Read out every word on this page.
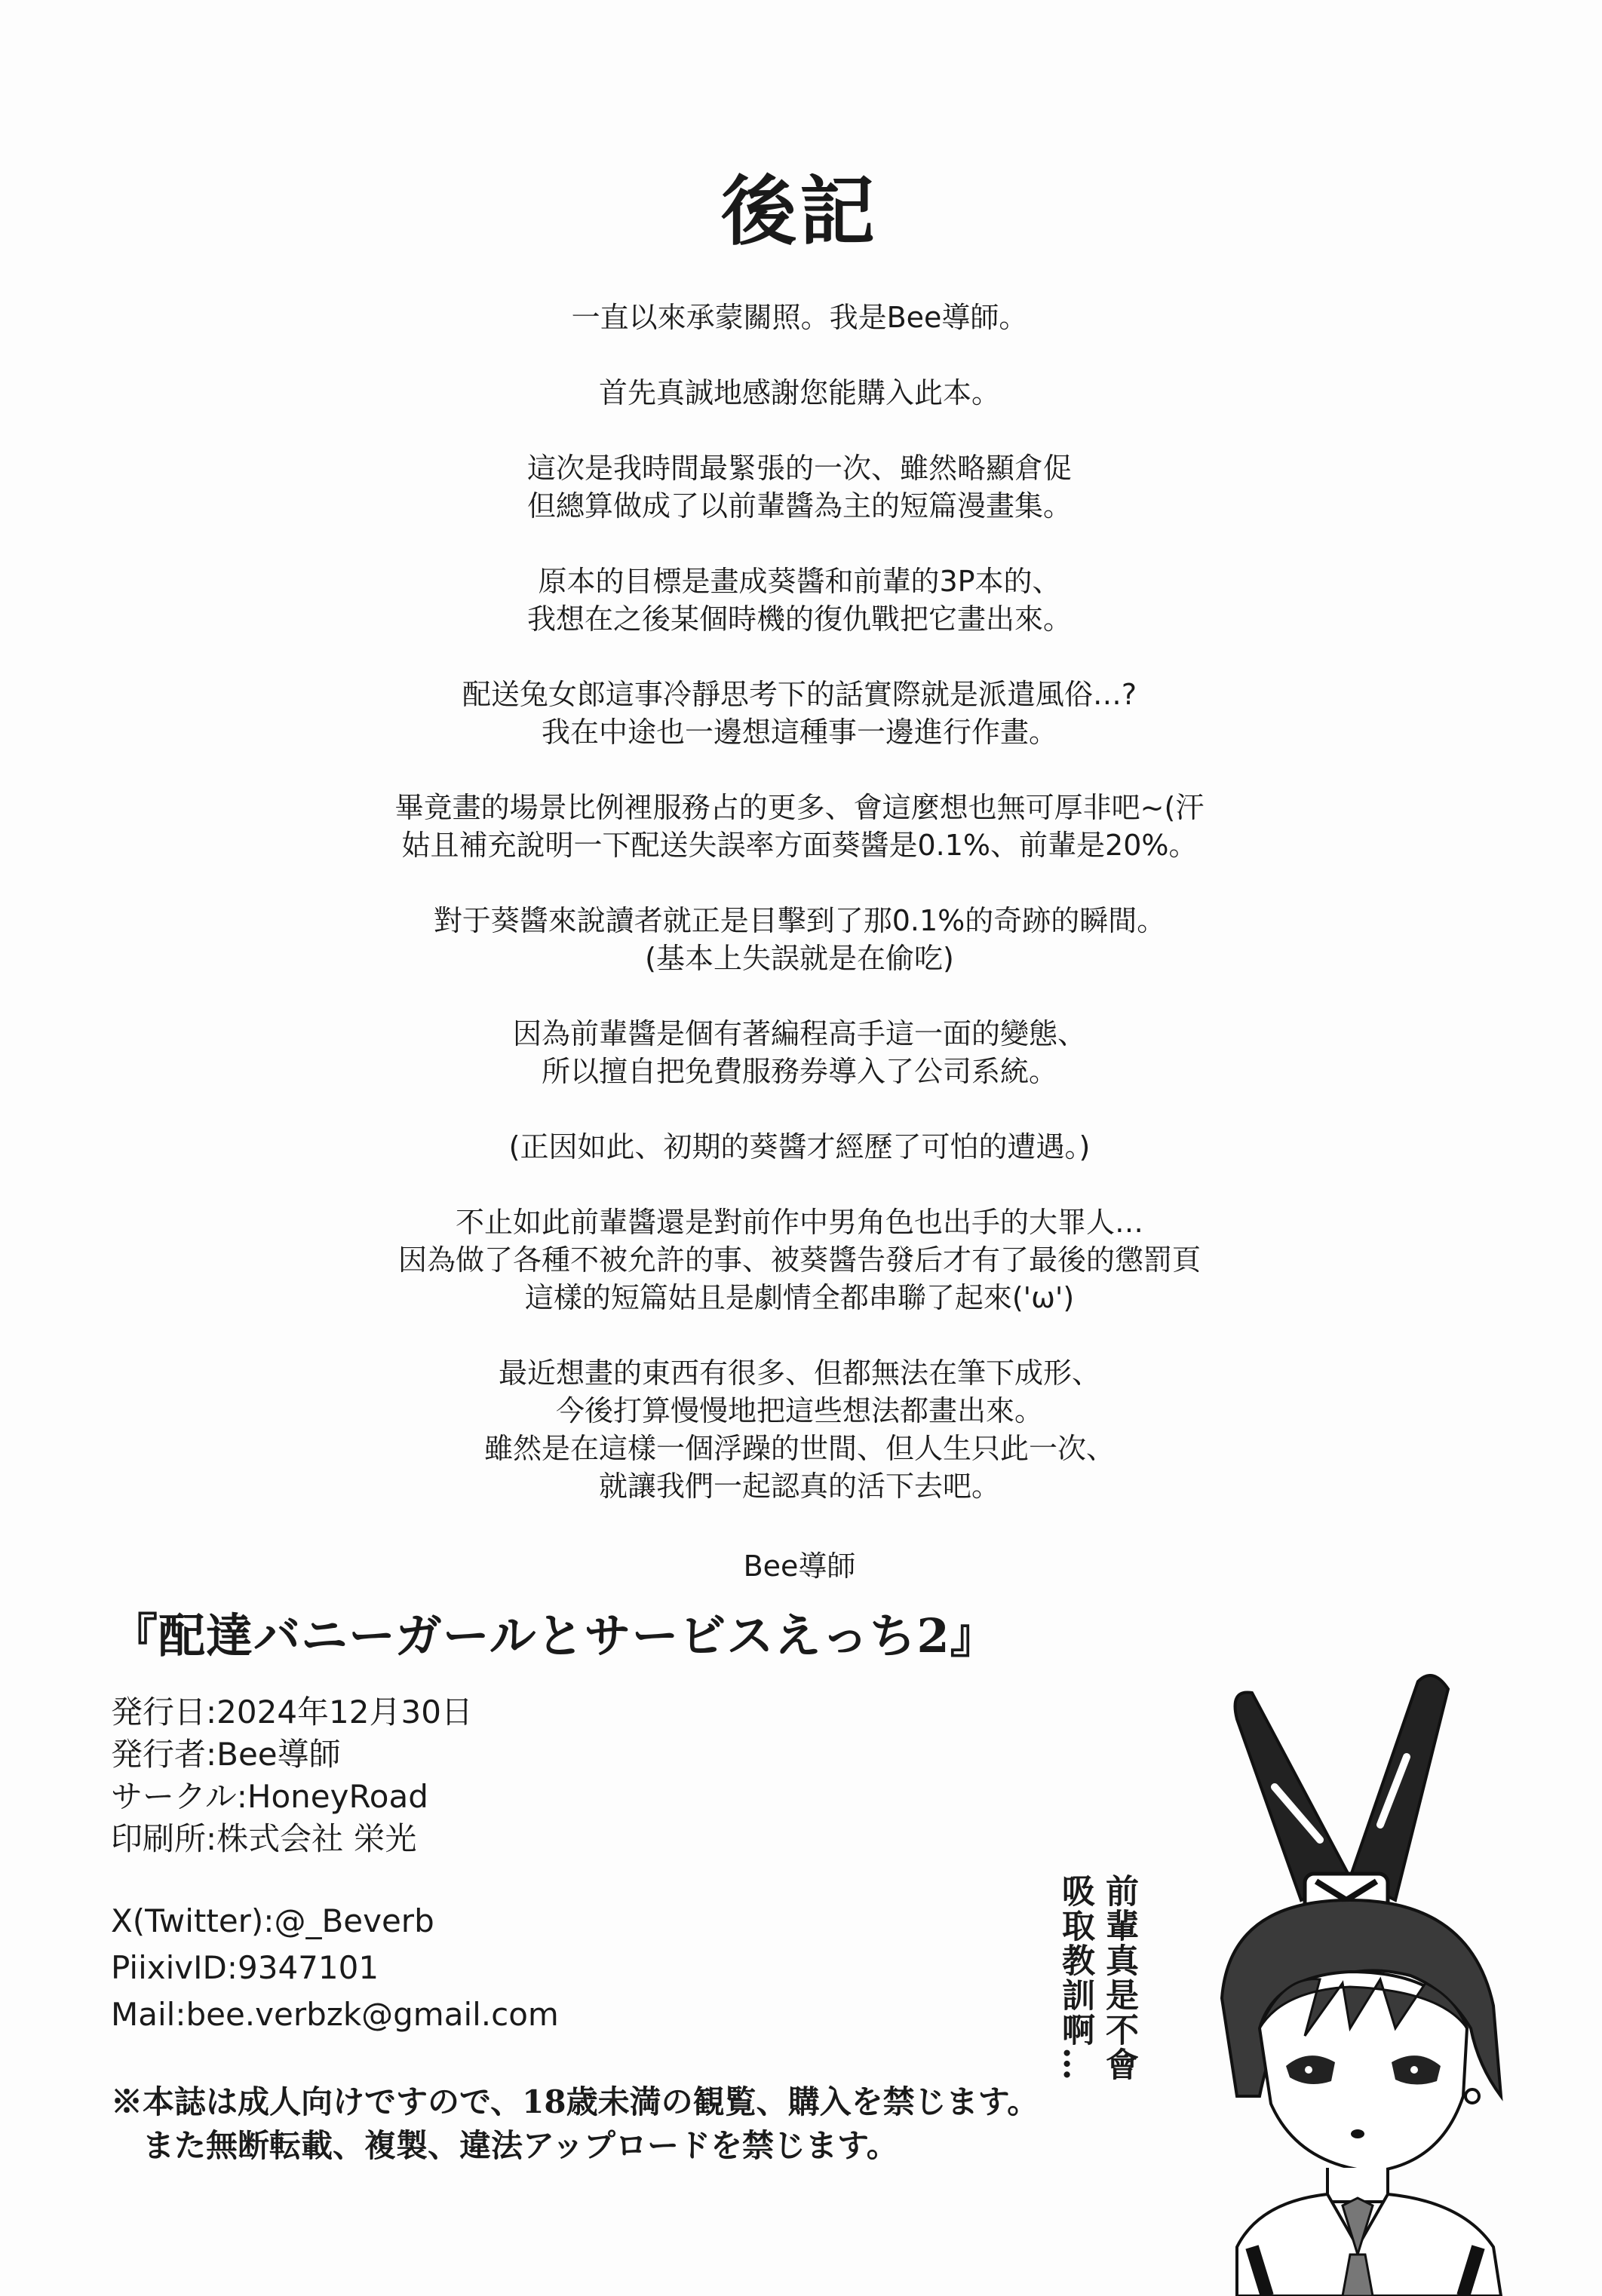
後記

一直以來承蒙關照。我是Bee導師。

首先真誠地感謝您能購入此本。

這次是我時間最緊張的一次、雖然略顯倉促
但總算做成了以前輩醬為主的短篇漫畫集。

原本的目標是畫成葵醬和前輩的3P本的、
我想在之後某個時機的復仇戰把它畫出來。

配送兔女郎這事冷靜思考下的話實際就是派遣風俗…?
我在中途也一邊想這種事一邊進行作畫。

畢竟畫的場景比例裡服務占的更多、會這麼想也無可厚非吧~(汗
姑且補充說明一下配送失誤率方面葵醬是0.1%、前輩是20%。

對于葵醬來說讀者就正是目擊到了那0.1%的奇跡的瞬間。
(基本上失誤就是在偷吃)

因為前輩醬是個有著編程高手這一面的變態、
所以擅自把免費服務券導入了公司系統。

(正因如此、初期的葵醬才經歷了可怕的遭遇。)

不止如此前輩醬還是對前作中男角色也出手的大罪人…
因為做了各種不被允許的事、被葵醬告發后才有了最後的懲罰頁
這樣的短篇姑且是劇情全都串聯了起來('ω')

最近想畫的東西有很多、但都無法在筆下成形、
今後打算慢慢地把這些想法都畫出來。
雖然是在這樣一個浮躁的世間、但人生只此一次、
就讓我們一起認真的活下去吧。

Bee導師
『配達バニーガールとサービスえっち2』
発行日:2024年12月30日
発行者:Bee導師
サークル:HoneyRoad
印刷所:株式会社 栄光
X(Twitter):@_Beverb
PiixivID:9347101
Mail:bee.verbzk@gmail.com
※本誌は成人向けですので、18歳未満の観覧、購入を禁じます。
また無断転載、複製、違法アップロードを禁じます。
前輩真是不會
吸取教訓啊…
